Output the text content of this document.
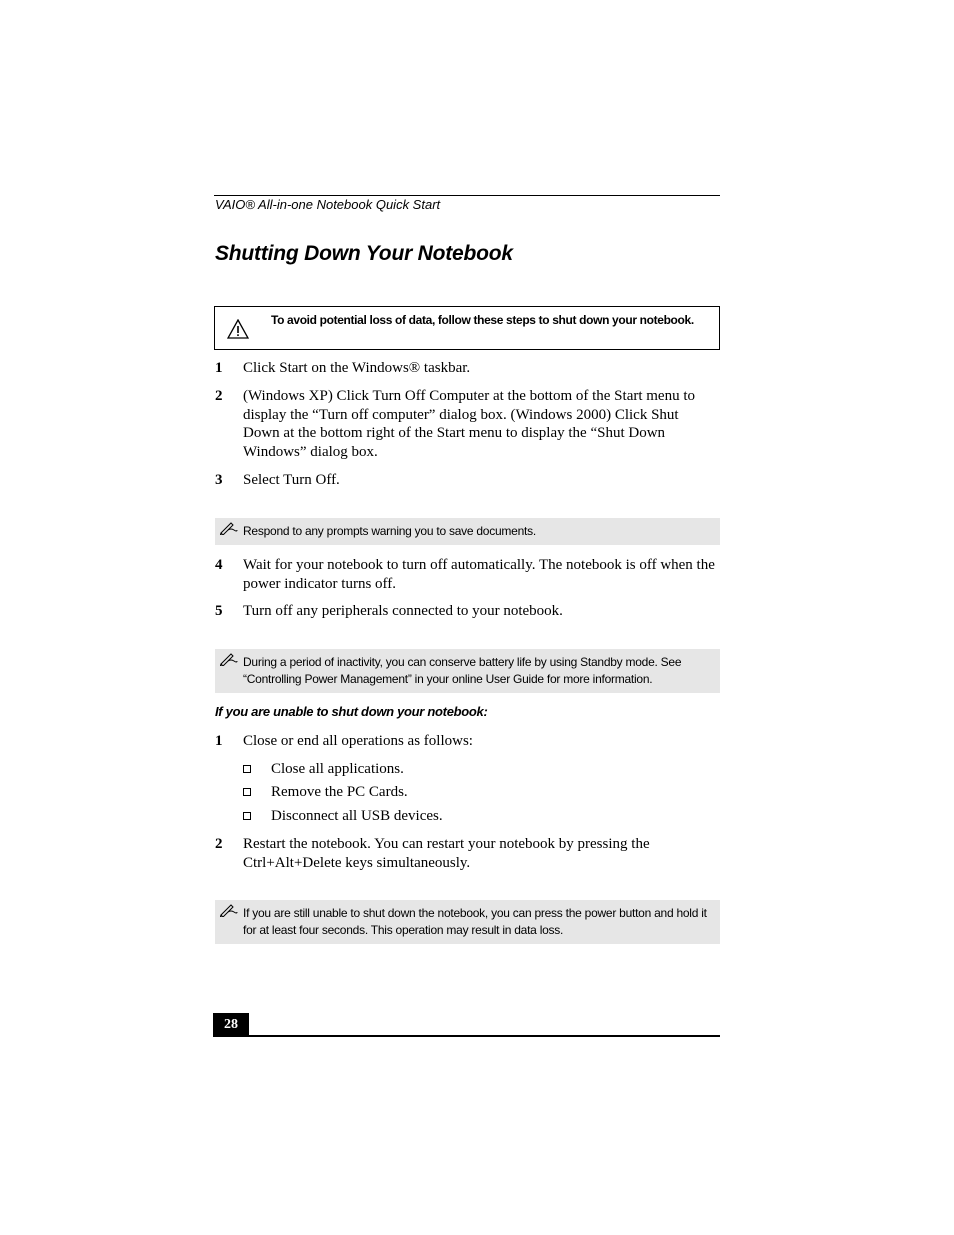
VAIO® All-in-one Notebook Quick Start
Shutting Down Your Notebook
To avoid potential loss of data, follow these steps to shut down your notebook.
1 Click Start on the Windows® taskbar.
2 (Windows XP) Click Turn Off Computer at the bottom of the Start menu to display the “Turn off computer” dialog box. (Windows 2000) Click Shut Down at the bottom right of the Start menu to display the “Shut Down Windows” dialog box.
3 Select Turn Off.
Respond to any prompts warning you to save documents.
4 Wait for your notebook to turn off automatically. The notebook is off when the power indicator turns off.
5 Turn off any peripherals connected to your notebook.
During a period of inactivity, you can conserve battery life by using Standby mode. See “Controlling Power Management” in your online User Guide for more information.
If you are unable to shut down your notebook:
1 Close or end all operations as follows:
Close all applications.
Remove the PC Cards.
Disconnect all USB devices.
2 Restart the notebook. You can restart your notebook by pressing the Ctrl+Alt+Delete keys simultaneously.
If you are still unable to shut down the notebook, you can press the power button and hold it for at least four seconds. This operation may result in data loss.
28
